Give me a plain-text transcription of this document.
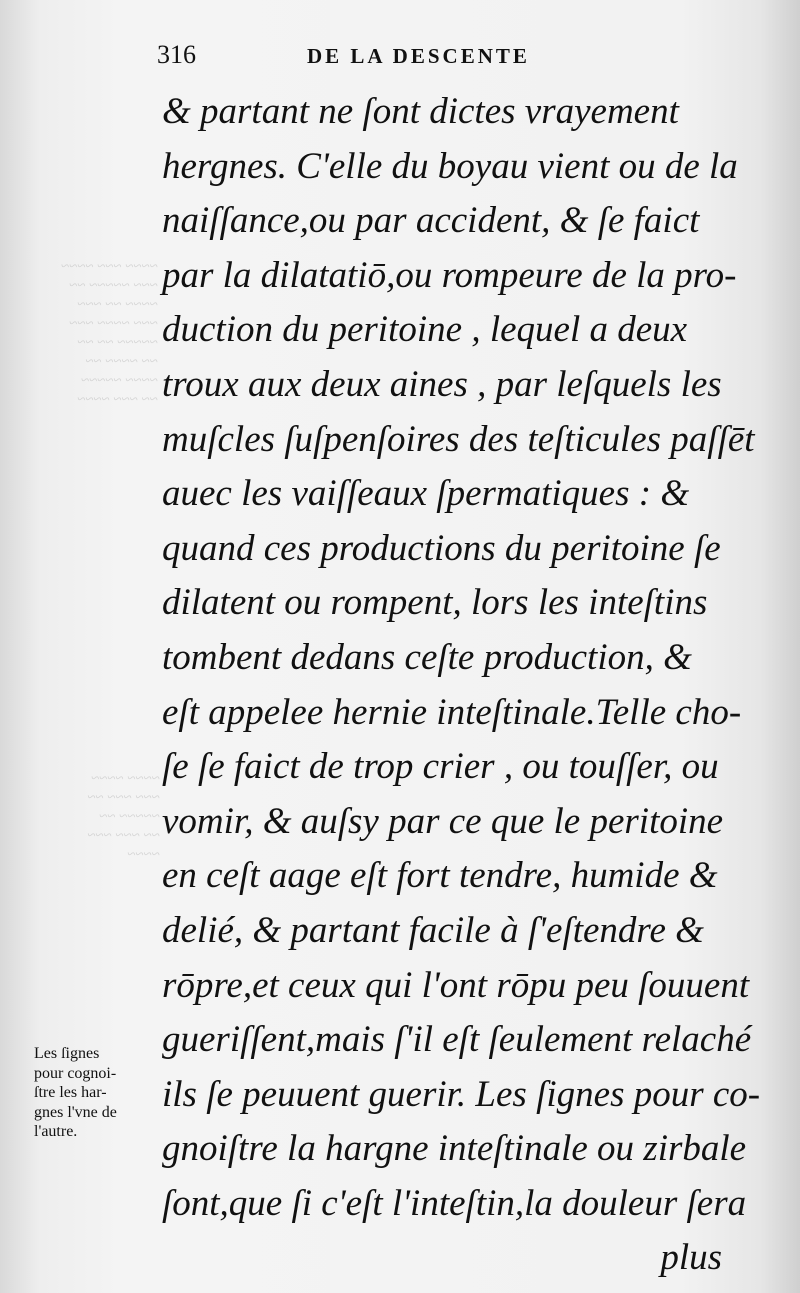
~~~~ ~~~ ~~~~
~~~ ~~~~~ ~~
~~~~ ~~ ~~~
~~~ ~~~~ ~~~
~~~~~ ~~ ~~
~~ ~~~~ ~~
~~~~ ~~~~~
~~ ~~~ ~~~~
~~~~ ~~~~
~~~ ~~~ ~~
~~~~~ ~~
~~ ~~~ ~~~
~~~~
316	DE LA DESCENTE
& partant ne ſont dictes vrayement
hergnes. C'elle du boyau vient ou de la
naiſſance,ou par accident, & ſe faict
par la dilatatiō,ou rompeure de la pro-
duction du peritoine , lequel a deux
troux aux deux aines , par leſquels les
muſcles ſuſpenſoires des teſticules paſſēt
auec les vaiſſeaux ſpermatiques : &
quand ces productions du peritoine ſe
dilatent ou rompent, lors les inteſtins
tombent dedans ceſte production, &
eſt appelee hernie inteſtinale.Telle cho-
ſe ſe faict de trop crier , ou touſſer, ou
vomir, & auſsy par ce que le peritoine
en ceſt aage eſt fort tendre, humide &
delié, & partant facile à ſ'eſtendre &
rōpre,et ceux qui l'ont rōpu peu ſouuent
gueriſſent,mais ſ'il eſt ſeulement relaché
ils ſe peuuent guerir. Les ſignes pour co-
gnoiſtre la hargne inteſtinale ou zirbale
ſont,que ſi c'eſt l'inteſtin,la douleur ſera
plus
Les ſignes
pour cognoi-
ſtre les har-
gnes l'vne de
l'autre.
